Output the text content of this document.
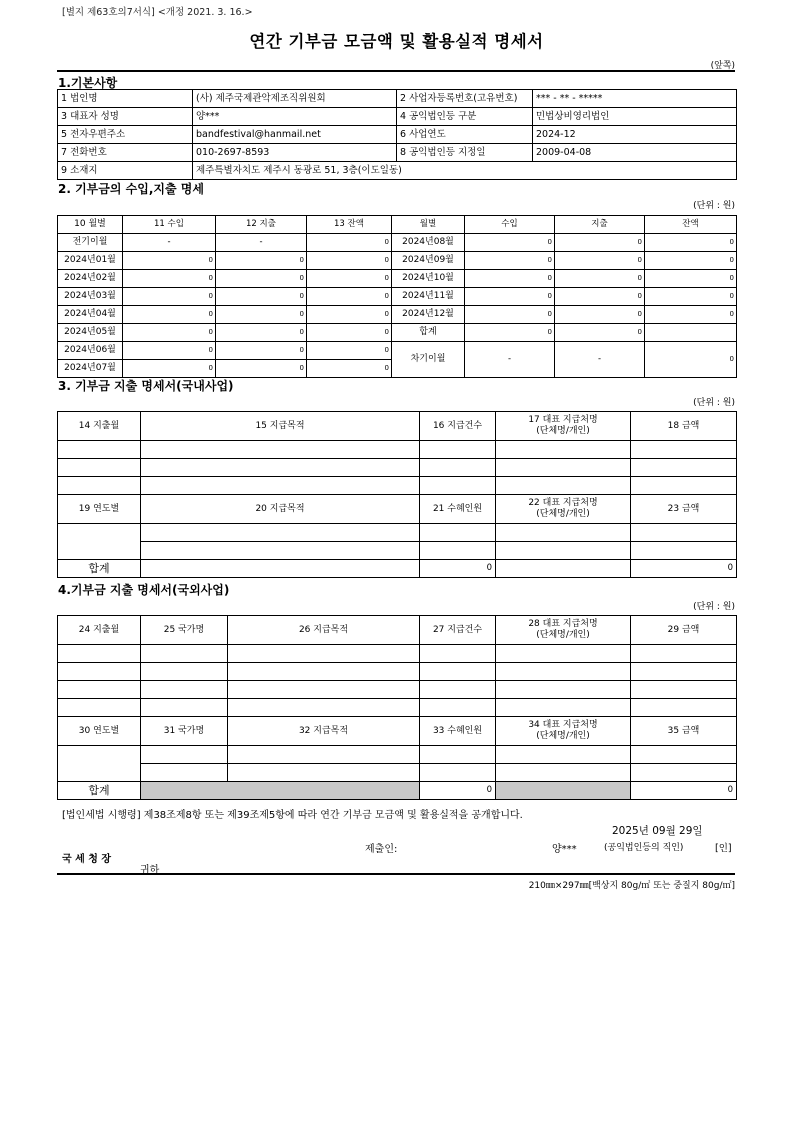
[별지 제63호의7서식] <개정 2021. 3. 16.>
연간 기부금 모금액 및 활용실적 명세서
(앞쪽)
1.기본사항
1 법인명	(사) 제주국제관악제조직위원회	2 사업자등록번호(고유번호)	*** - ** - *****
3 대표자 성명	양***	4 공익법인등 구분	민법상비영리법인
5 전자우편주소	bandfestival@hanmail.net	6 사업연도	2024-12
7 전화번호	010-2697-8593	8 공익법인등 지정일	2009-04-08
9 소재지	제주특별자치도 제주시 동광로 51, 3층(이도일동)		
2. 기부금의 수입,지출 명세
(단위 : 원)
10 월별	11 수입	12 지출	13 잔액	월별	수입	지출	잔액
전기이월	-	-	0	2024년08월	0	0	0
2024년01월	0	0	0	2024년09월	0	0	0
2024년02월	0	0	0	2024년10월	0	0	0
2024년03월	0	0	0	2024년11월	0	0	0
2024년04월	0	0	0	2024년12월	0	0	0
2024년05월	0	0	0	합계	0	0	
2024년06월	0	0	0	차기이월	-	-	0
2024년07월	0	0	0				
3. 기부금 지출 명세서(국내사업)
(단위 : 원)
14 지출월	15 지급목적	16 지급건수	17 대표 지급처명
(단체명/개인)	18 금액

19 연도별	20 지급목적	21 수혜인원	22 대표 지급처명
(단체명/개인)	23 금액

합계		0		0
4.기부금 지출 명세서(국외사업)
(단위 : 원)
24 지출월	25 국가명	26 지급목적	27 지급건수	28 대표 지급처명
(단체명/개인)	29 금액

30 연도별	31 국가명	32 지급목적	33 수혜인원	34 대표 지급처명
(단체명/개인)	35 금액

합계			0		0
[법인세법 시행령] 제38조제8항 또는 제39조제5항에 따라 연간 기부금 모금액 및 활용실적을 공개합니다.
2025년 09월 29일
제출인:	양***	(공익법인등의 직인)	[인]
국 세 청 장
귀하
210㎜×297㎜[백상지 80g/㎡ 또는 중질지 80g/㎡]
